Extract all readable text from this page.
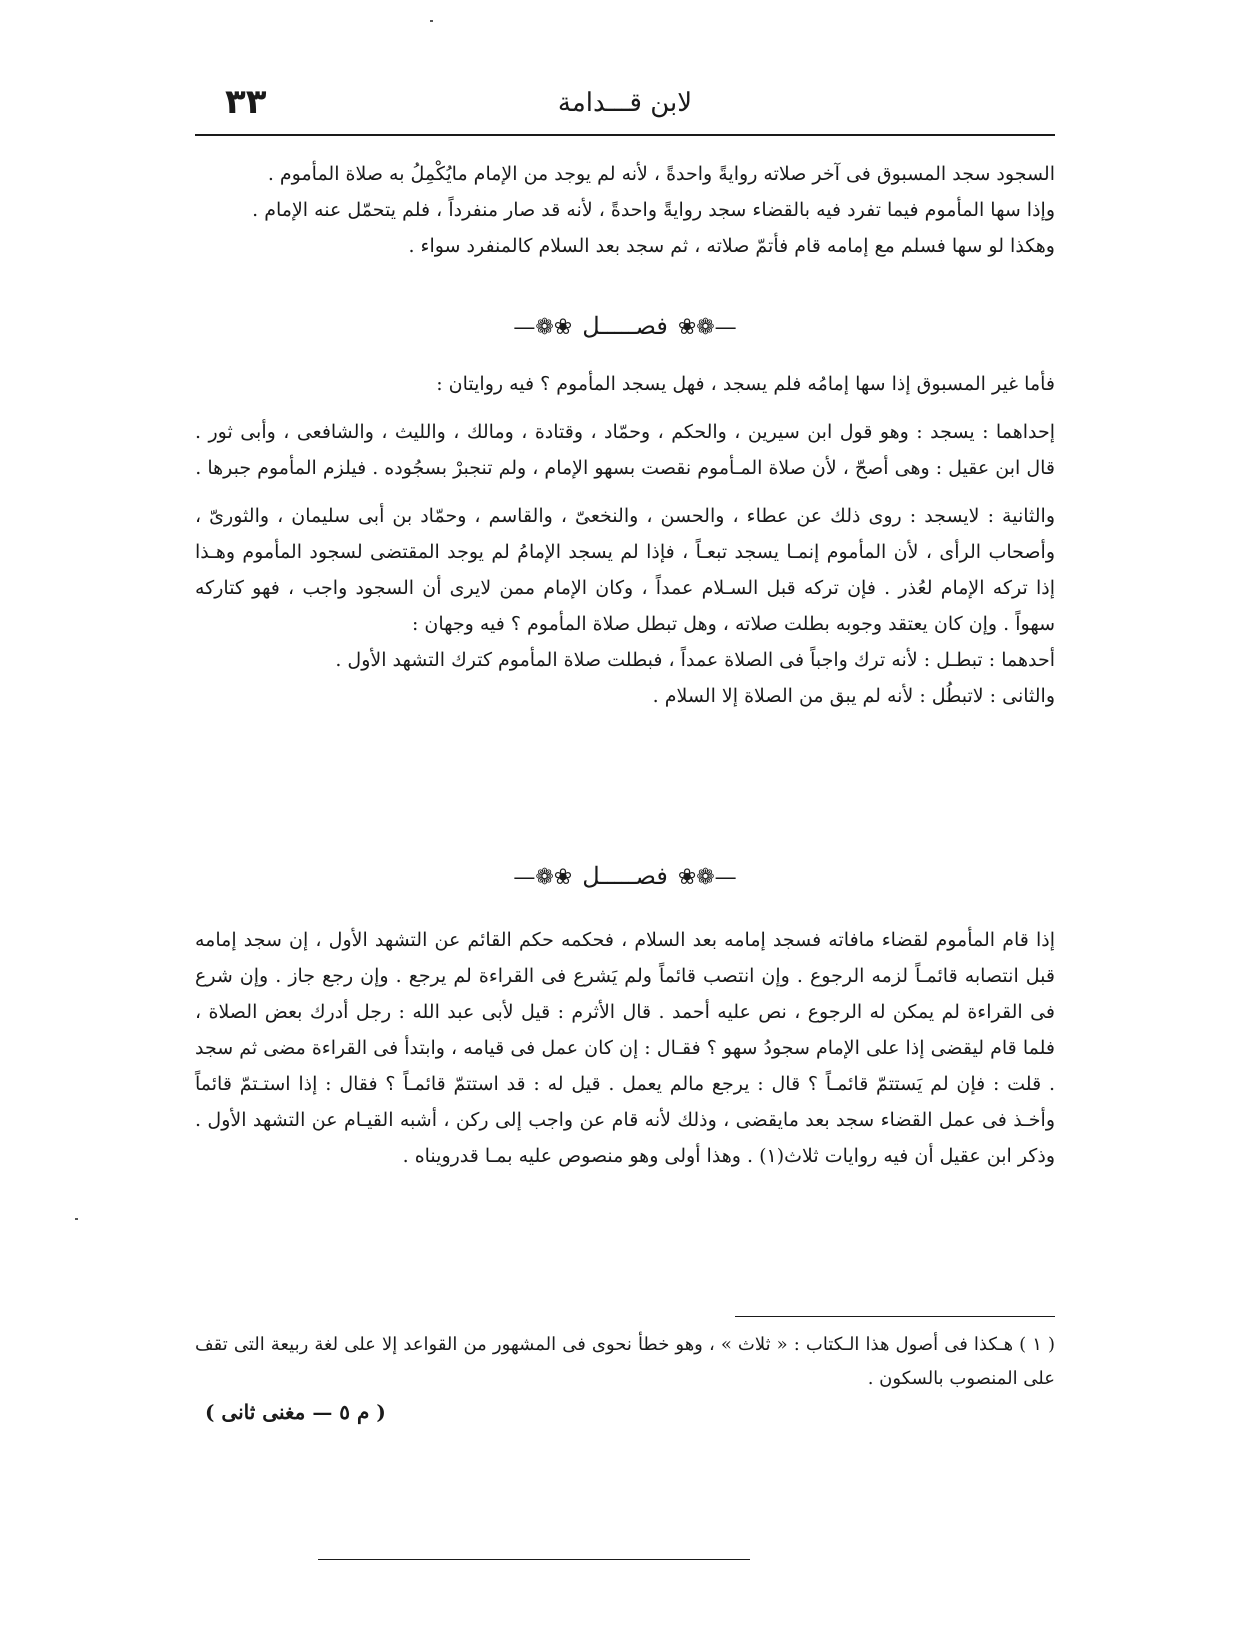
٣٣	لابن قـــدامة

السجود سجد المسبوق فى آخر صلاته روايةً واحدةً ، لأنه لم يوجد من الإمام مايُكْمِلُ به صلاة المأموم .

وإذا سها المأموم فيما تفرد فيه بالقضاء سجد روايةً واحدةً ، لأنه قد صار منفرداً ، فلم يتحمّل عنه الإمام .

وهكذا لو سها فسلم مع إمامه قام فأتمّ صلاته ، ثم سجد بعد السلام كالمنفرد سواء .

—❁❀فصـــــل❀❁—

فأما غير المسبوق إذا سها إمامُه فلم يسجد ، فهل يسجد المأموم ؟ فيه روايتان :

إحداهما : يسجد : وهو قول ابن سيرين ، والحكم ، وحمّاد ، وقتادة ، ومالك ، والليث ، والشافعى ، وأبى ثور . قال ابن عقيل : وهى أصحّ ، لأن صلاة المـأموم نقصت بسهو الإمام ، ولم تنجبرْ بسجُوده . فيلزم المأموم جبرها .

والثانية : لايسجد : روى ذلك عن عطاء ، والحسن ، والنخعىّ ، والقاسم ، وحمّاد بن أبى سليمان ، والثورىّ ، وأصحاب الرأى ، لأن المأموم إنمـا يسجد تبعـاً ، فإذا لم يسجد الإمامُ لم يوجد المقتضى لسجود المأموم وهـذا إذا تركه الإمام لعُذر . فإن تركه قبل السـلام عمداً ، وكان الإمام ممن لايرى أن السجود واجب ، فهو كتاركه سهواً . وإن كان يعتقد وجوبه بطلت صلاته ، وهل تبطل صلاة المأموم ؟ فيه وجهان :

أحدهما : تبطـل : لأنه ترك واجباً فى الصلاة عمداً ، فبطلت صلاة المأموم كترك التشهد الأول .

والثانى : لاتبطُل : لأنه لم يبق من الصلاة إلا السلام .

—❁❀فصـــــل❀❁—

إذا قام المأموم لقضاء مافاته فسجد إمامه بعد السلام ، فحكمه حكم القائم عن التشهد الأول ، إن سجد إمامه قبل انتصابه قائمـاً لزمه الرجوع . وإن انتصب قائماً ولم يَشرع فى القراءة لم يرجع . وإن رجع جاز . وإن شرع فى القراءة لم يمكن له الرجوع ، نص عليه أحمد . قال الأثرم : قيل لأبى عبد الله : رجل أدرك بعض الصلاة ، فلما قام ليقضى إذا على الإمام سجودُ سهو ؟ فقـال : إن كان عمل فى قيامه ، وابتدأ فى القراءة مضى ثم سجد . قلت : فإن لم يَستتمّ قائمـاً ؟ قال : يرجع مالم يعمل . قيل له : قد استتمّ قائمـاً ؟ فقال : إذا استـتمّ قائماً وأخـذ فى عمل القضاء سجد بعد مايقضى ، وذلك لأنه قام عن واجب إلى ركن ، أشبه القيـام عن التشهد الأول . وذكر ابن عقيل أن فيه روايات ثلاث(١) . وهذا أولى وهو منصوص عليه بمـا قدرويناه .

( ١ ) هـكذا فى أصول هذا الـكتاب : « ثلاث » ، وهو خطأ نحوى فى المشهور من القواعد إلا على لغة ربيعة التى تقف على المنصوب بالسكون .
( م ٥ — مغنى ثانى )
